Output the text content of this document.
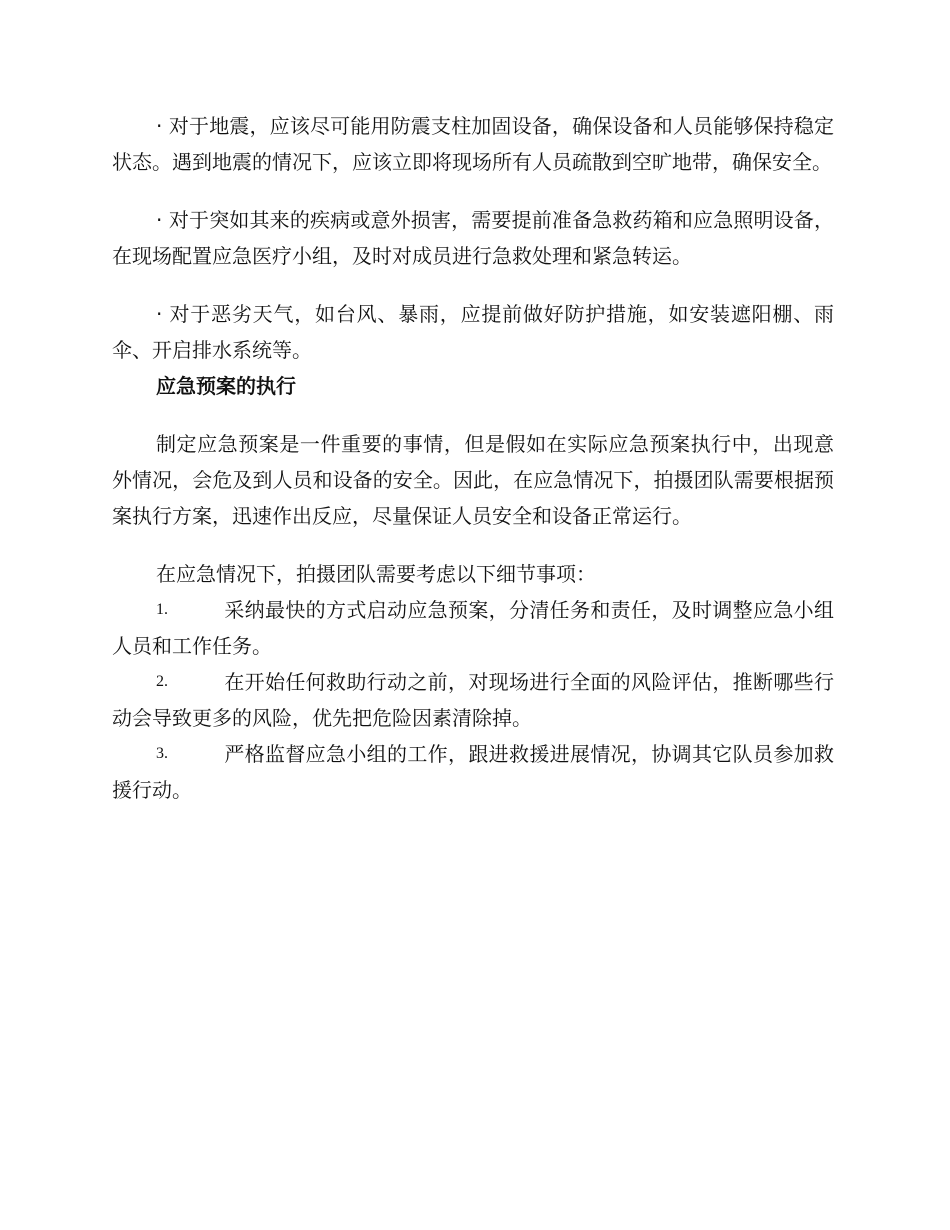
· 对于地震，应该尽可能用防震支柱加固设备，确保设备和人员能够保持稳定状态。遇到地震的情况下，应该立即将现场所有人员疏散到空旷地带，确保安全。

· 对于突如其来的疾病或意外损害，需要提前准备急救药箱和应急照明设备，在现场配置应急医疗小组，及时对成员进行急救处理和紧急转运。

· 对于恶劣天气，如台风、暴雨，应提前做好防护措施，如安装遮阳棚、雨伞、开启排水系统等。

应急预案的执行

制定应急预案是一件重要的事情，但是假如在实际应急预案执行中，出现意外情况，会危及到人员和设备的安全。因此，在应急情况下，拍摄团队需要根据预案执行方案，迅速作出反应，尽量保证人员安全和设备正常运行。

在应急情况下，拍摄团队需要考虑以下细节事项：

1.	采纳最快的方式启动应急预案，分清任务和责任，及时调整应急小组人员和工作任务。

2.	在开始任何救助行动之前，对现场进行全面的风险评估，推断哪些行动会导致更多的风险，优先把危险因素清除掉。

3.	严格监督应急小组的工作，跟进救援进展情况，协调其它队员参加救援行动。
